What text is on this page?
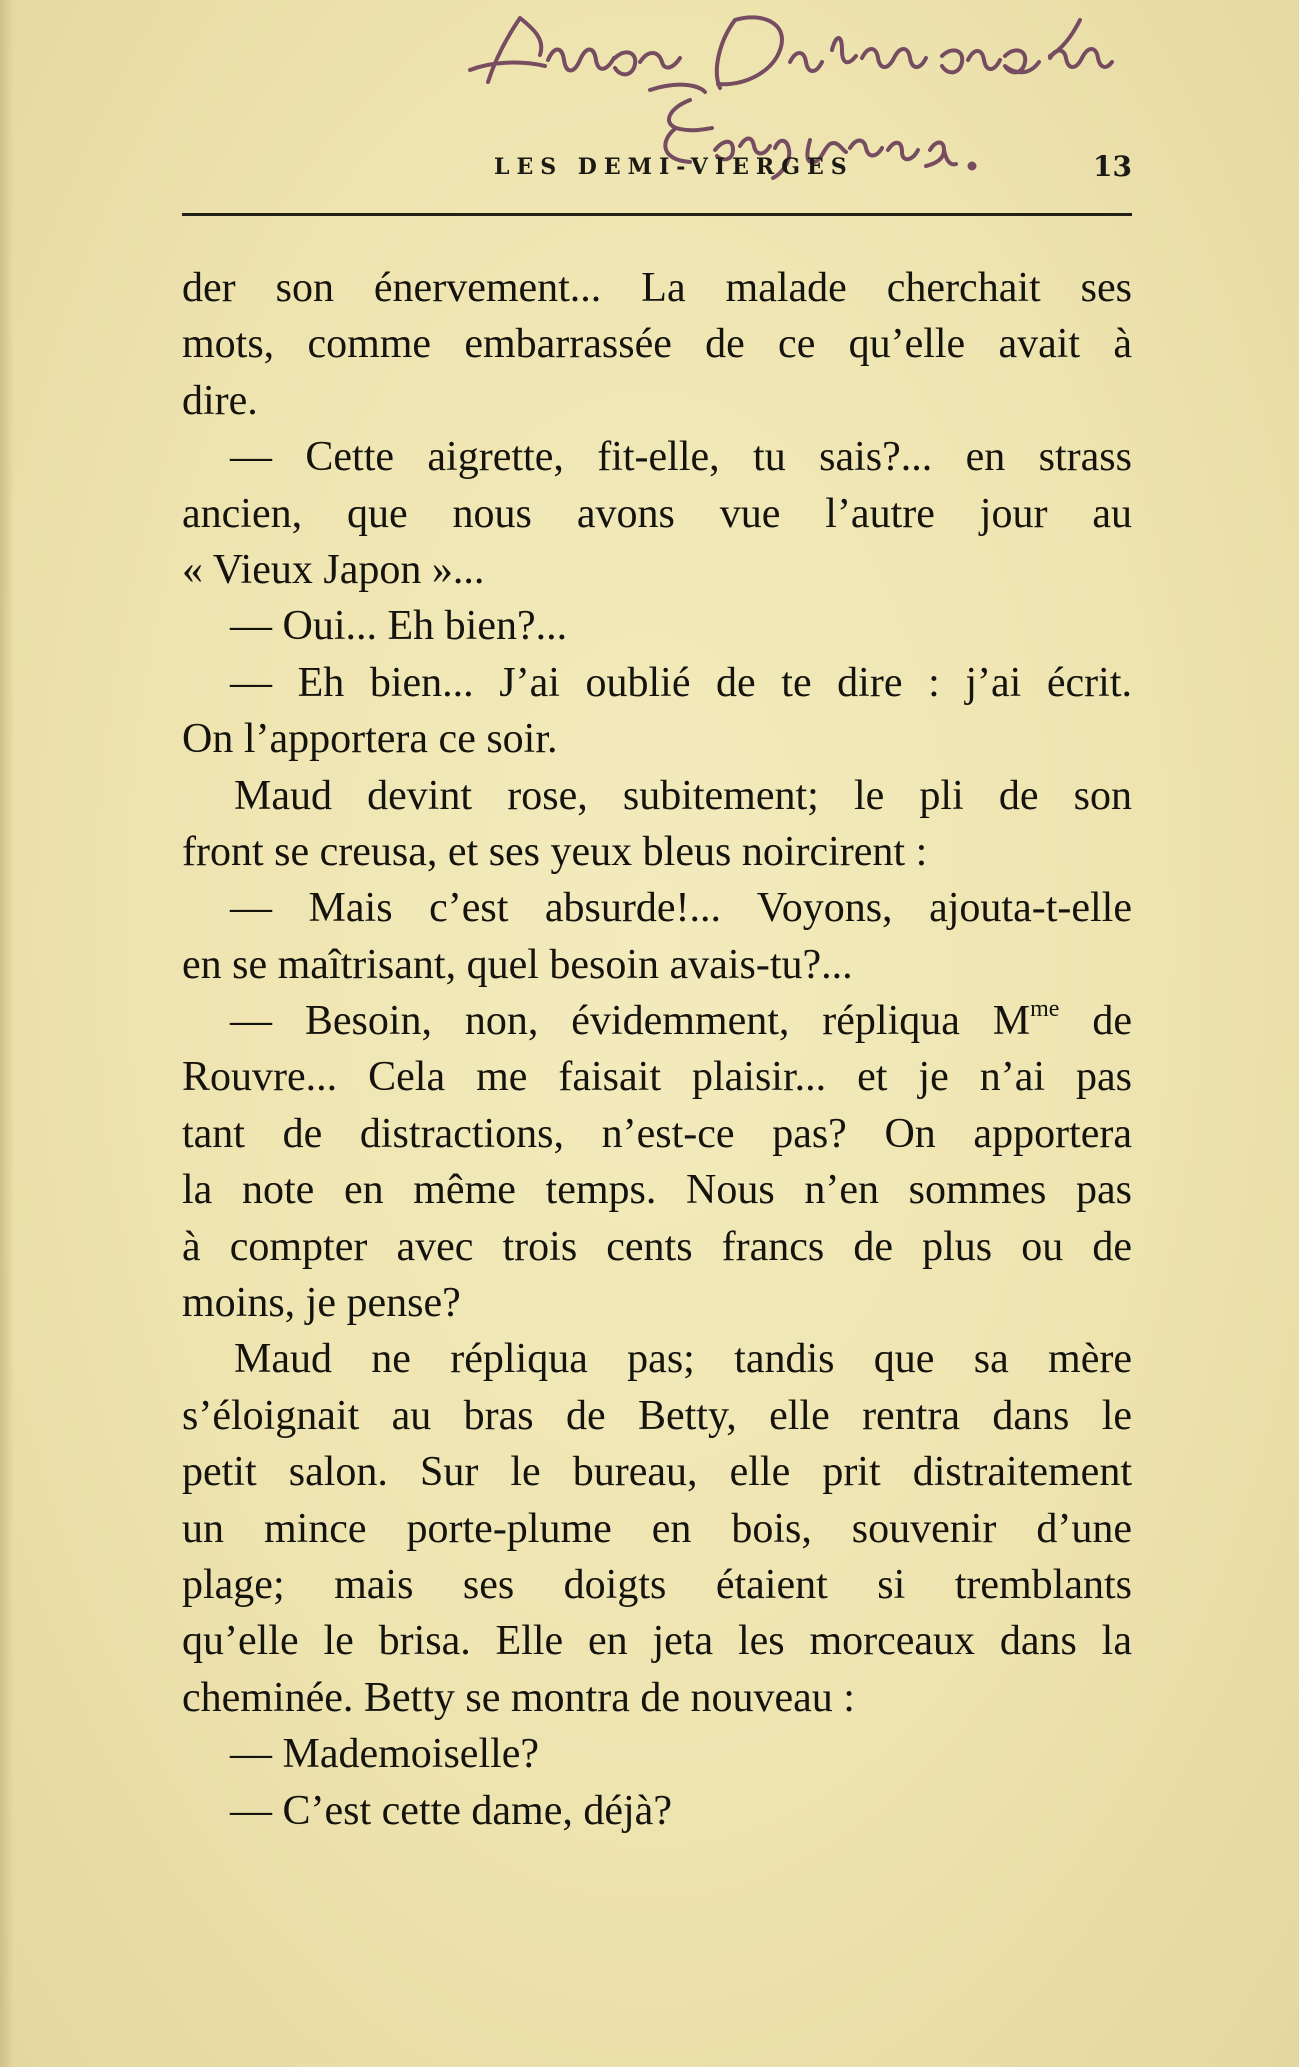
LES DEMI-VIERGES	13
der son énervement... La malade cherchait ses
mots, comme embarrassée de ce qu’elle avait à
dire.
— Cette aigrette, fit-elle, tu sais?... en strass
ancien, que nous avons vue l’autre jour au
« Vieux Japon »...
— Oui... Eh bien?...
— Eh bien... J’ai oublié de te dire : j’ai écrit.
On l’apportera ce soir.
Maud devint rose, subitement; le pli de son
front se creusa, et ses yeux bleus noircirent :
— Mais c’est absurde!... Voyons, ajouta-t-elle
en se maîtrisant, quel besoin avais-tu?...
— Besoin, non, évidemment, répliqua $M^{me}$ de
Rouvre... Cela me faisait plaisir... et je n’ai pas
tant de distractions, n’est-ce pas? On apportera
la note en même temps. Nous n’en sommes pas
à compter avec trois cents francs de plus ou de
moins, je pense?
Maud ne répliqua pas; tandis que sa mère
s’éloignait au bras de Betty, elle rentra dans le
petit salon. Sur le bureau, elle prit distraitement
un mince porte-plume en bois, souvenir d’une
plage; mais ses doigts étaient si tremblants
qu’elle le brisa. Elle en jeta les morceaux dans la
cheminée. Betty se montra de nouveau :
— Mademoiselle?
— C’est cette dame, déjà?
